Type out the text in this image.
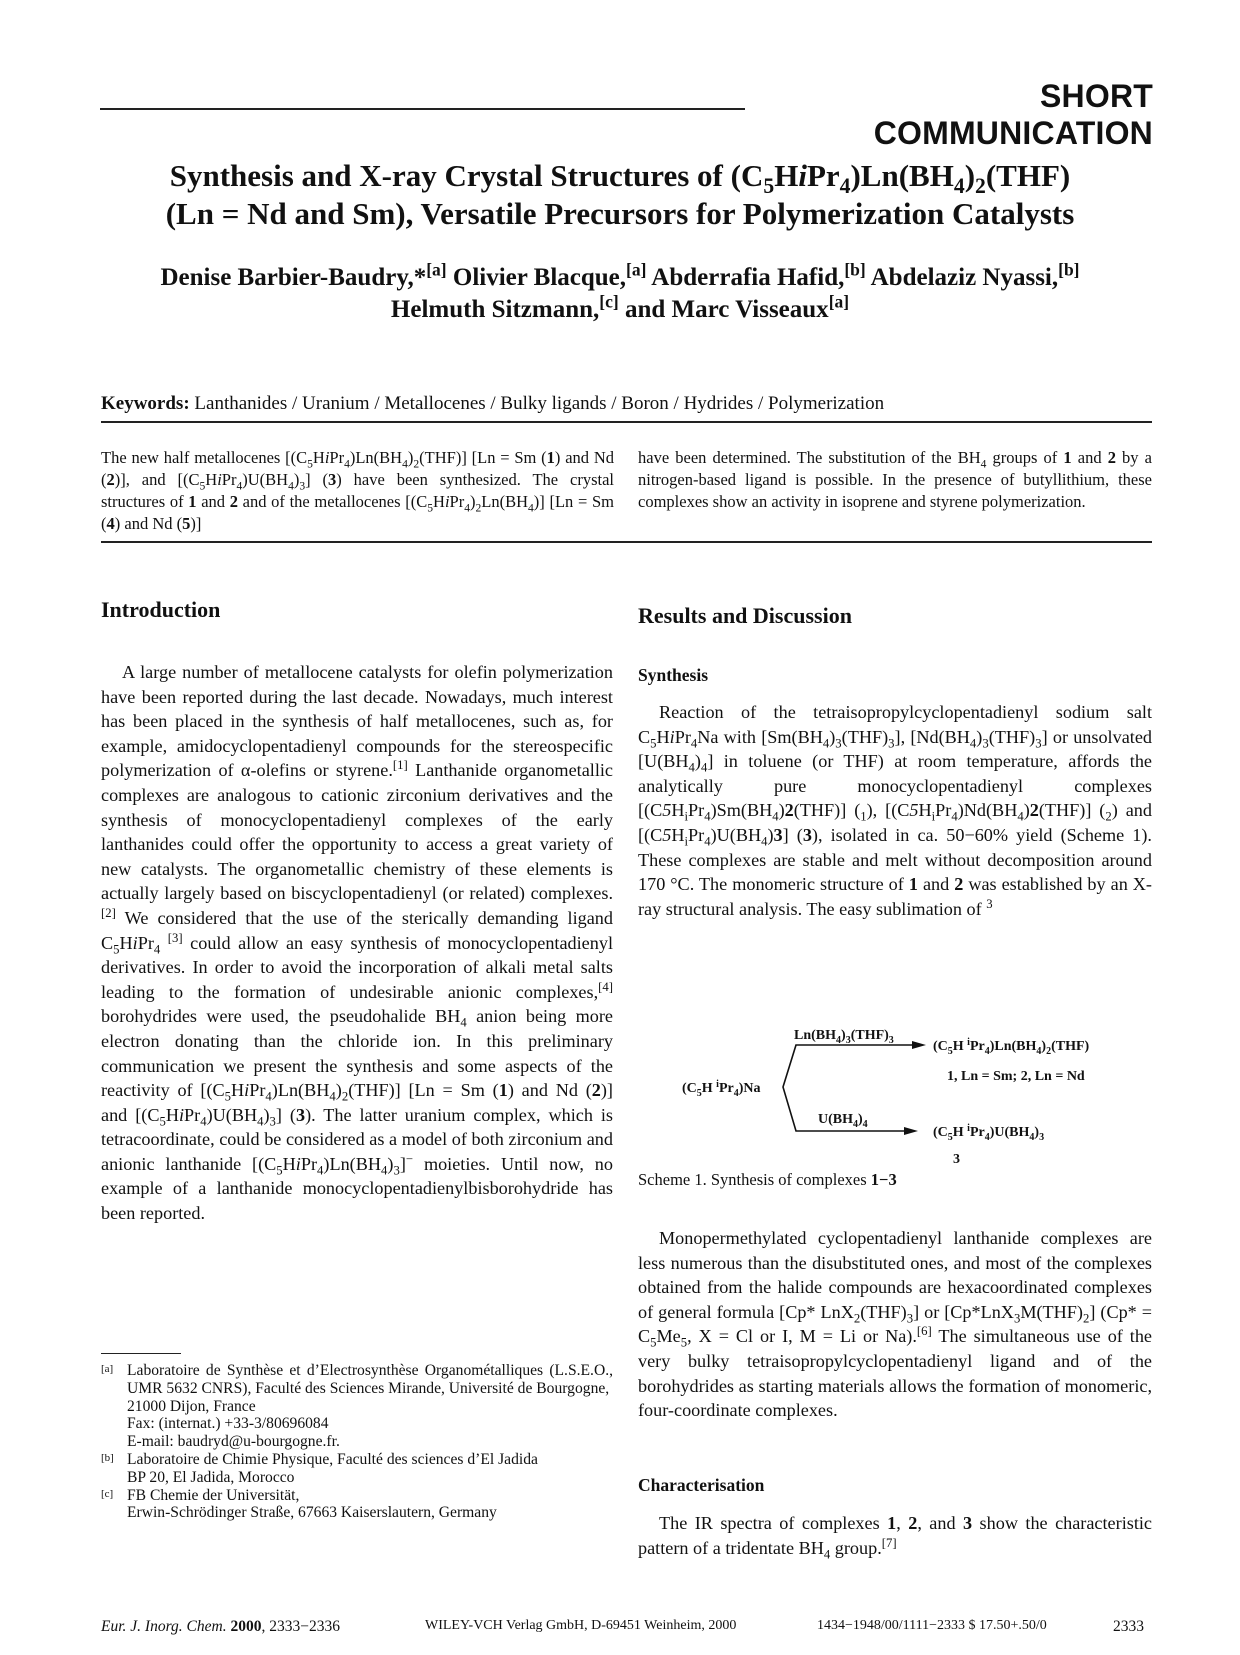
SHORT COMMUNICATION
Synthesis and X-ray Crystal Structures of $(C_5HiPr_4)Ln(BH_4)_2(THF)$
(Ln = Nd and Sm), Versatile Precursors for Polymerization Catalysts
Denise Barbier-Baudry,*[a] Olivier Blacque,[a] Abderrafia Hafid,[b] Abdelaziz Nyassi,[b]
Helmuth Sitzmann,[c] and Marc Visseaux[a]
Keywords: Lanthanides / Uranium / Metallocenes / Bulky ligands / Boron / Hydrides / Polymerization
The new half metallocenes $[(C_5HiPr_4)Ln(BH_4)_2(THF)] [Ln = Sm$ (1) and Nd (2)], and $[(C_5HiPr_4)U(BH_4)_3]$ (3) have been synthesized. The crystal structures of 1 and 2 and of the metallocenes $[(C_5HiPr_4)_2Ln(BH_4)] [Ln = Sm$ (4) and Nd (5)]
have been determined. The substitution of the $BH_4$ groups of 1 and 2 by a nitrogen-based ligand is possible. In the presence of butyllithium, these complexes show an activity in isoprene and styrene polymerization.
Introduction

A large number of metallocene catalysts for olefin polymerization have been reported during the last decade. Nowadays, much interest has been placed in the synthesis of half metallocenes, such as, for example, amidocyclopentadienyl compounds for the stereospecific polymerization of α-olefins or styrene.[1] Lanthanide organometallic complexes are analogous to cationic zirconium derivatives and the synthesis of monocyclopentadienyl complexes of the early lanthanides could offer the opportunity to access a great variety of new catalysts. The organometallic chemistry of these elements is actually largely based on biscyclopentadienyl (or related) complexes.[2] We considered that the use of the sterically demanding ligand $C_5HiPr_4$ [3] could allow an easy synthesis of monocyclopentadienyl derivatives. In order to avoid the incorporation of alkali metal salts leading to the formation of undesirable anionic complexes,[4] borohydrides were used, the pseudohalide $BH_4$ anion being more electron donating than the chloride ion. In this preliminary communication we present the synthesis and some aspects of the reactivity of $[(C_5HiPr_4)Ln(BH_4)_2(THF)] [Ln = Sm$ (1) and Nd (2)] and $[(C_5HiPr_4)U(BH_4)_3]$ (3). The latter uranium complex, which is tetracoordinate, could be considered as a model of both zirconium and anionic lanthanide $[(C_5HiPr_4)Ln(BH_4)_3]^-$ moieties. Until now, no example of a lanthanide monocyclopentadienylbisborohydride has been reported.

[a] Laboratoire de Synthèse et d’Electrosynthèse Organométalliques (L.S.E.O., UMR 5632 CNRS), Faculté des Sciences Mirande, Université de Bourgogne,
21000 Dijon, France
Fax: (internat.) +33-3/80696084
E-mail: baudryd@u-bourgogne.fr.
[b] Laboratoire de Chimie Physique, Faculté des sciences d’El Jadida
BP 20, El Jadida, Morocco
[c] FB Chemie der Universität,
Erwin-Schrödinger Straße, 67663 Kaiserslautern, Germany
Results and Discussion
Synthesis

Reaction of the tetraisopropylcyclopentadienyl sodium salt $C_5HiPr_4Na$ with $[Sm(BH_4)_3(THF)_3]$, $[Nd(BH_4)_3(THF)_3]$ or unsolvated $[U(BH_4)_4]$ in toluene (or THF) at room temperature, affords the analytically pure monocyclopentadienyl complexes $[(C5H_iPr_4)Sm(BH_4)2(THF)]$ $(_1)$, $[(C5H_iPr_4)Nd(BH_4)2(THF)]$ $(_2)$ and $[(C5H_iPr_4)U(BH_4)3]$ (3), isolated in ca. 50−60% yield (Scheme 1). These complexes are stable and melt without decomposition around 170 °C. The monomeric structure of 1 and 2 was established by an X-ray structural analysis. The easy sublimation of $^3$

($C_5H$ $^iPr_4)Na$
$Ln(BH_4)_3(THF)_3$	($C_5H$ $^iPr_4)Ln(BH_4)_2(THF)$
1, Ln = Sm; 2, Ln = Nd
$U(BH_4)_4$
($C_5H$ $^iPr_4)U(BH_4)_3$
3
Scheme 1. Synthesis of complexes 1−3

Monopermethylated cyclopentadienyl lanthanide complexes are less numerous than the disubstituted ones, and most of the complexes obtained from the halide compounds are hexacoordinated complexes of general formula [Cp* $LnX_2(THF)_3$] or $[Cp*LnX_3M(THF)_2] (Cp* = C_5Me_5$, X = Cl or I, M = Li or Na).[6] The simultaneous use of the very bulky tetraisopropylcyclopentadienyl ligand and of the borohydrides as starting materials allows the formation of monomeric, four-coordinate complexes.

Characterisation

The IR spectra of complexes 1, 2, and 3 show the characteristic pattern of a tridentate $BH_4$ group.[7]

Eur. J. Inorg. Chem. 2000, 2333−2336	WILEY-VCH Verlag GmbH, D-69451 Weinheim, 2000	1434−1948/00/1111−2333 $ 17.50+.50/0	2333
